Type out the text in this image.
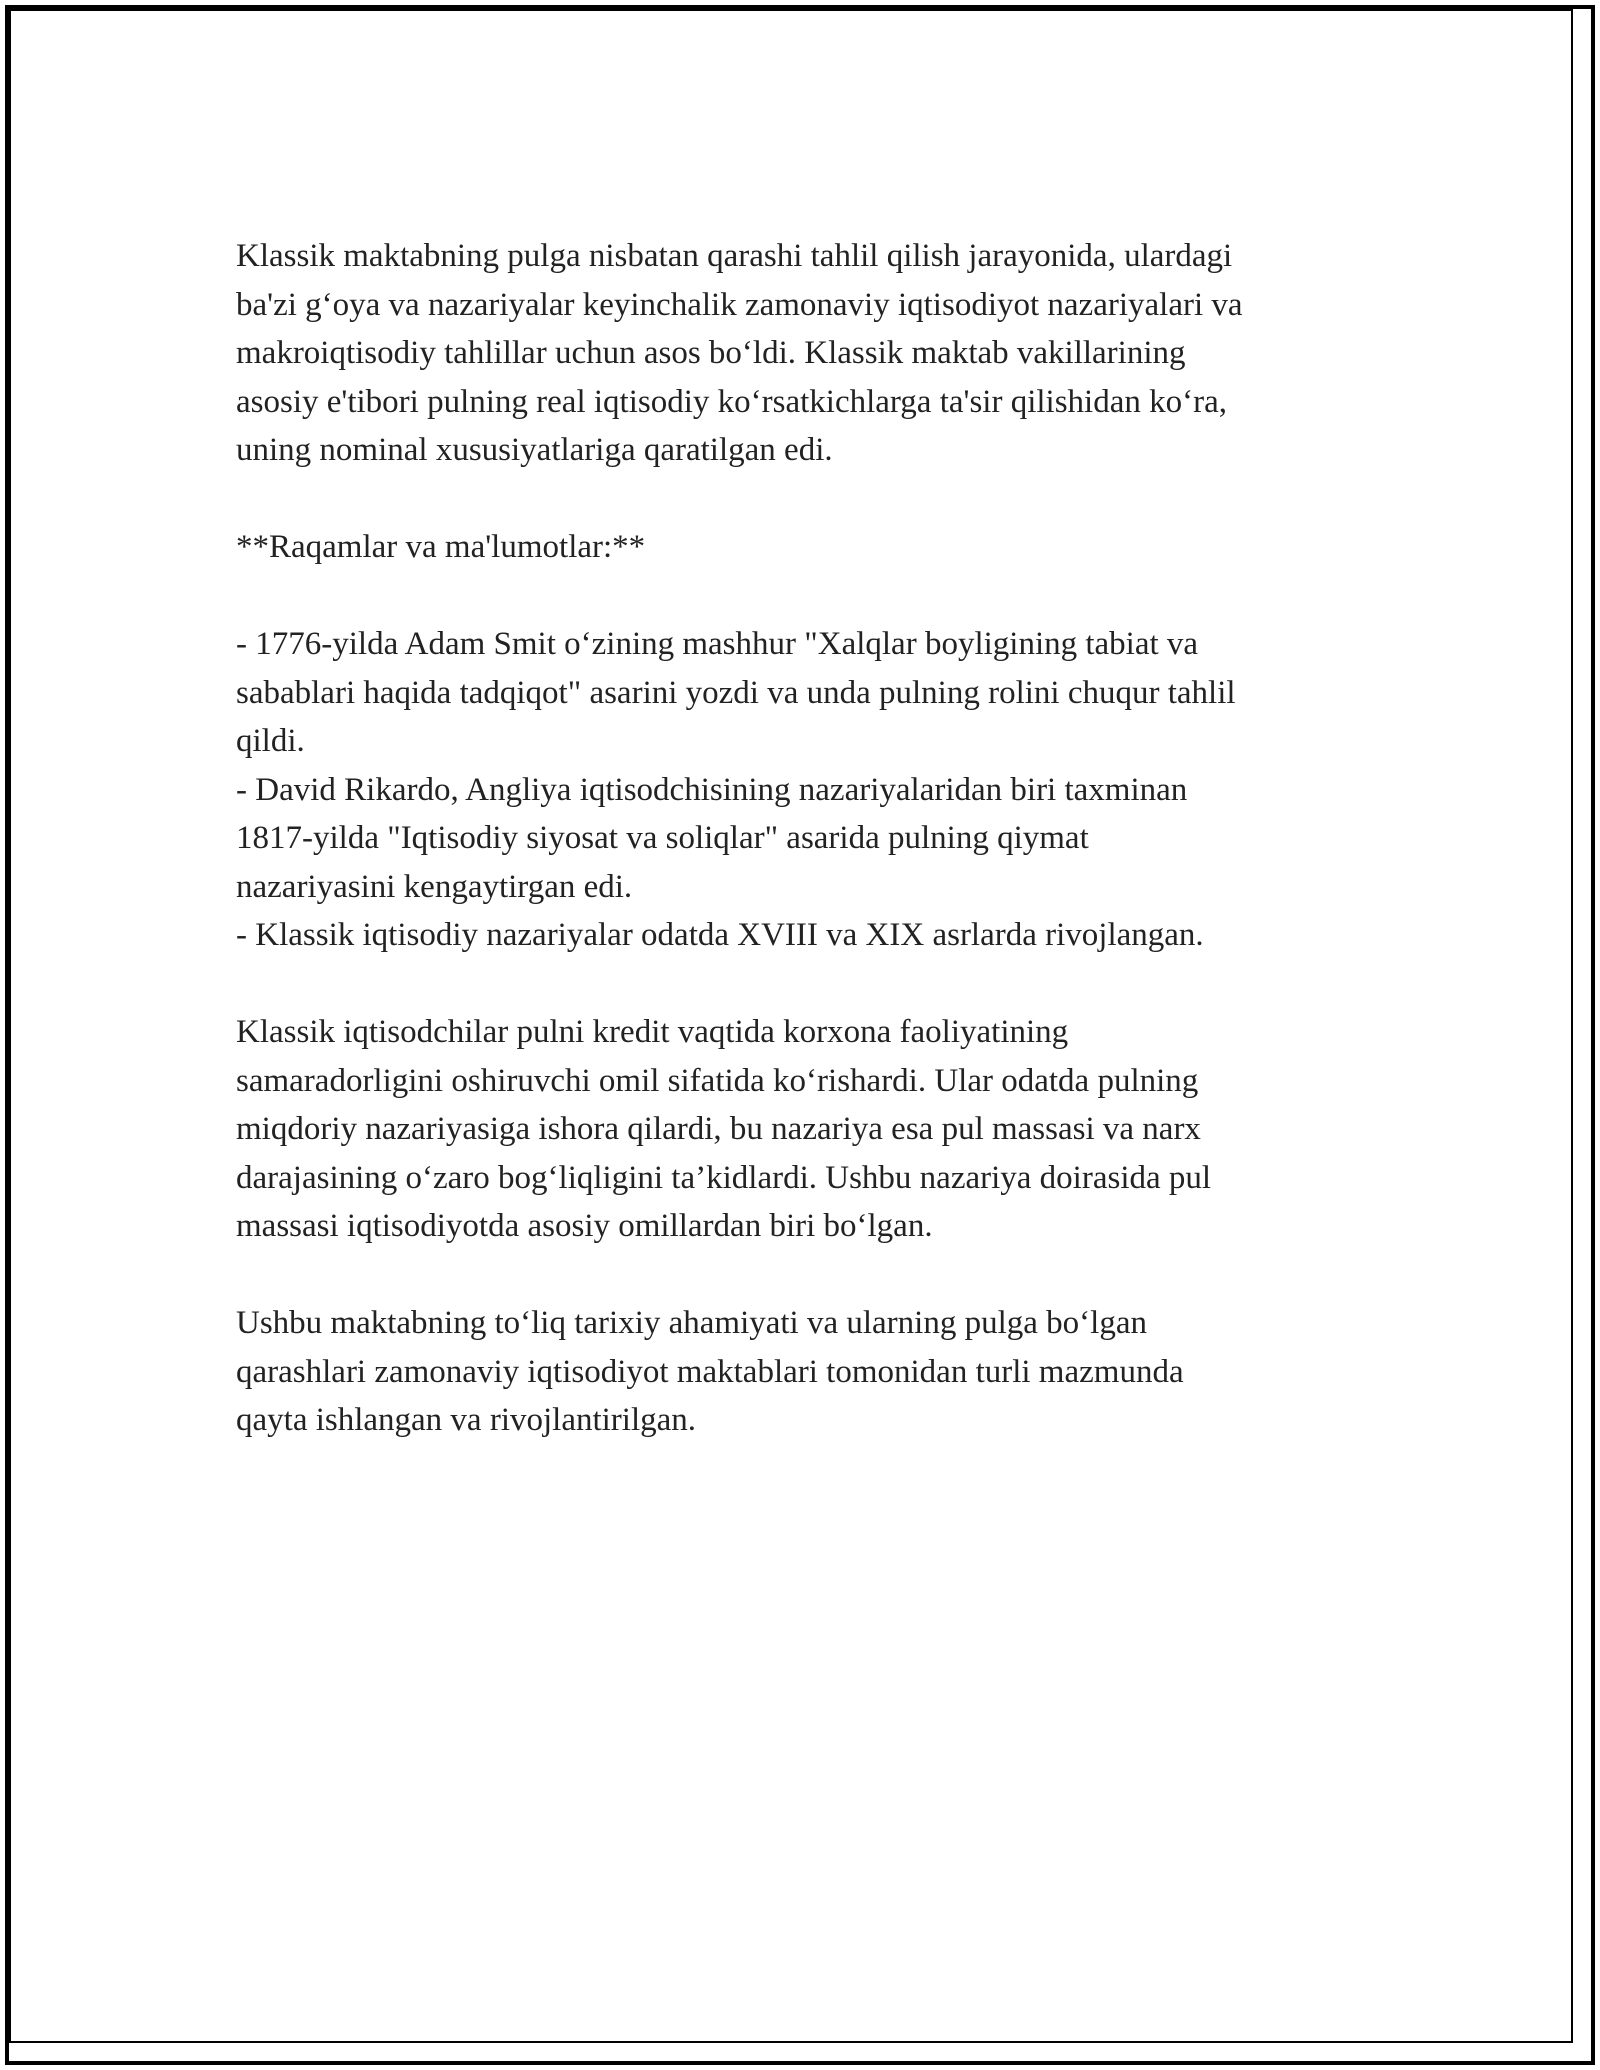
Klassik maktabning pulga nisbatan qarashi tahlil qilish jarayonida, ulardagi
ba'zi g‘oya va nazariyalar keyinchalik zamonaviy iqtisodiyot nazariyalari va
makroiqtisodiy tahlillar uchun asos bo‘ldi. Klassik maktab vakillarining
asosiy e'tibori pulning real iqtisodiy ko‘rsatkichlarga ta'sir qilishidan ko‘ra,
uning nominal xususiyatlariga qaratilgan edi.

**Raqamlar va ma'lumotlar:**

- 1776-yilda Adam Smit o‘zining mashhur "Xalqlar boyligining tabiat va
sabablari haqida tadqiqot" asarini yozdi va unda pulning rolini chuqur tahlil
qildi.

- David Rikardo, Angliya iqtisodchisining nazariyalaridan biri taxminan
1817-yilda "Iqtisodiy siyosat va soliqlar" asarida pulning qiymat
nazariyasini kengaytirgan edi.

- Klassik iqtisodiy nazariyalar odatda XVIII va XIX asrlarda rivojlangan.

Klassik iqtisodchilar pulni kredit vaqtida korxona faoliyatining
samaradorligini oshiruvchi omil sifatida ko‘rishardi. Ular odatda pulning
miqdoriy nazariyasiga ishora qilardi, bu nazariya esa pul massasi va narx
darajasining o‘zaro bog‘liqligini ta’kidlardi. Ushbu nazariya doirasida pul
massasi iqtisodiyotda asosiy omillardan biri bo‘lgan.

Ushbu maktabning to‘liq tarixiy ahamiyati va ularning pulga bo‘lgan
qarashlari zamonaviy iqtisodiyot maktablari tomonidan turli mazmunda
qayta ishlangan va rivojlantirilgan.
